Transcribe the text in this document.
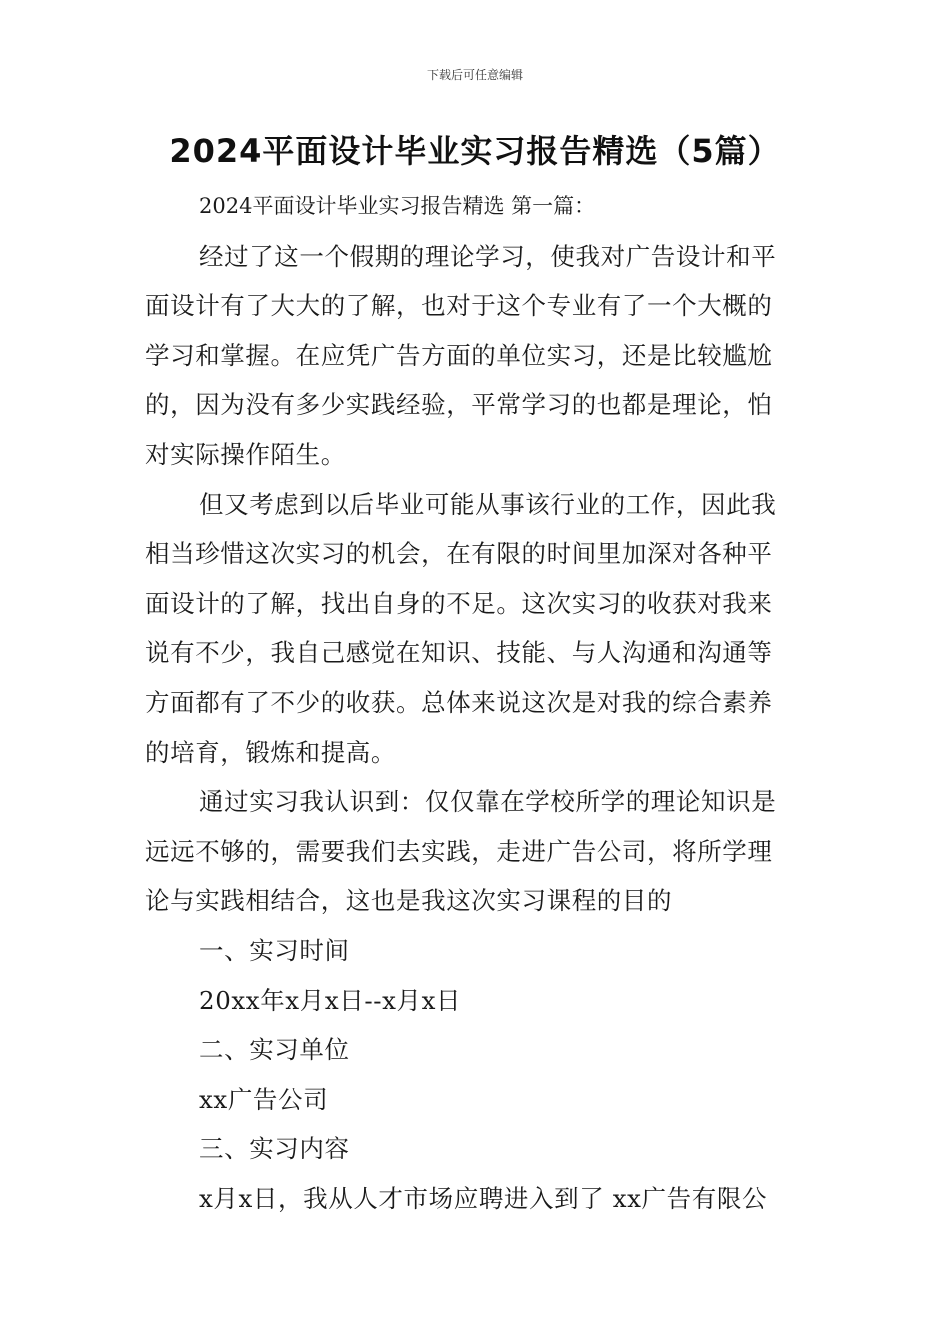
下载后可任意编辑
2024平面设计毕业实习报告精选（5篇）
2024平面设计毕业实习报告精选 第一篇：
经过了这一个假期的理论学习，使我对广告设计和平
面设计有了大大的了解，也对于这个专业有了一个大概的
学习和掌握。在应凭广告方面的单位实习，还是比较尴尬
的，因为没有多少实践经验，平常学习的也都是理论，怕
对实际操作陌生。
但又考虑到以后毕业可能从事该行业的工作，因此我
相当珍惜这次实习的机会，在有限的时间里加深对各种平
面设计的了解，找出自身的不足。这次实习的收获对我来
说有不少，我自己感觉在知识、技能、与人沟通和沟通等
方面都有了不少的收获。总体来说这次是对我的综合素养
的培育，锻炼和提高。
通过实习我认识到：仅仅靠在学校所学的理论知识是
远远不够的，需要我们去实践，走进广告公司，将所学理
论与实践相结合，这也是我这次实习课程的目的
一、实习时间
20xx年x月x日--x月x日
二、实习单位
xx广告公司
三、实习内容
x月x日，我从人才市场应聘进入到了 xx广告有限公
